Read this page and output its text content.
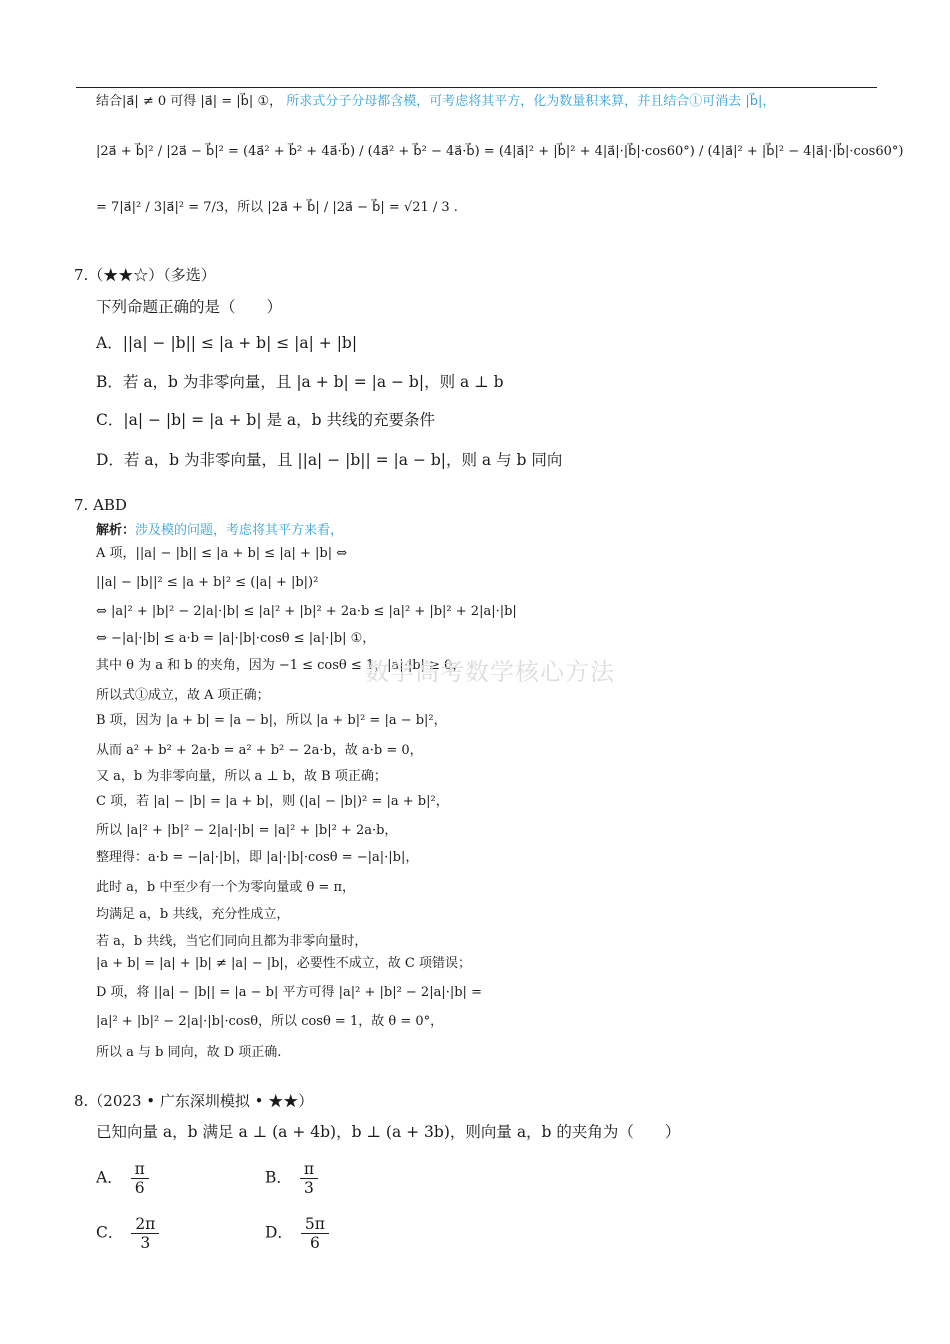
结合|a⃗| ≠ 0 可得 |a⃗| = |b⃗| ①， 所求式分子分母都含模，可考虑将其平方，化为数量积来算，并且结合①可消去 |b⃗|，
|2a⃗ + b⃗|² / |2a⃗ − b⃗|² = (4a⃗² + b⃗² + 4a⃗·b⃗) / (4a⃗² + b⃗² − 4a⃗·b⃗) = (4|a⃗|² + |b⃗|² + 4|a⃗|·|b⃗|·cos60°) / (4|a⃗|² + |b⃗|² − 4|a⃗|·|b⃗|·cos60°)
= 7|a⃗|² / 3|a⃗|² = 7/3，所以 |2a⃗ + b⃗| / |2a⃗ − b⃗| = √21 / 3 .
7.（★★☆）（多选）
下列命题正确的是（　　）
A．||a| − |b|| ≤ |a + b| ≤ |a| + |b|
B．若 a，b 为非零向量，且 |a + b| = |a − b|，则 a ⊥ b
C．|a| − |b| = |a + b| 是 a，b 共线的充要条件
D．若 a，b 为非零向量，且 ||a| − |b|| = |a − b|，则 a 与 b 同向
7. ABD
解析：涉及模的问题，考虑将其平方来看，
A 项，||a| − |b|| ≤ |a + b| ≤ |a| + |b| ⇔
||a| − |b||² ≤ |a + b|² ≤ (|a| + |b|)²
⇔ |a|² + |b|² − 2|a|·|b| ≤ |a|² + |b|² + 2a·b ≤ |a|² + |b|² + 2|a|·|b|
⇔ −|a|·|b| ≤ a·b = |a|·|b|·cosθ ≤ |a|·|b| ①，
其中 θ 为 a 和 b 的夹角，因为 −1 ≤ cosθ ≤ 1，|a|·|b| ≥ 0，
所以式①成立，故 A 项正确；
B 项，因为 |a + b| = |a − b|，所以 |a + b|² = |a − b|²，
从而 a² + b² + 2a·b = a² + b² − 2a·b，故 a·b = 0，
又 a，b 为非零向量，所以 a ⊥ b，故 B 项正确；
C 项，若 |a| − |b| = |a + b|，则 (|a| − |b|)² = |a + b|²，
所以 |a|² + |b|² − 2|a|·|b| = |a|² + |b|² + 2a·b，
整理得：a·b = −|a|·|b|，即 |a|·|b|·cosθ = −|a|·|b|，
此时 a，b 中至少有一个为零向量或 θ = π，
均满足 a，b 共线，充分性成立，
若 a，b 共线，当它们同向且都为非零向量时，
|a + b| = |a| + |b| ≠ |a| − |b|，必要性不成立，故 C 项错误；
D 项，将 ||a| − |b|| = |a − b| 平方可得 |a|² + |b|² − 2|a|·|b| =
|a|² + |b|² − 2|a|·|b|·cosθ，所以 cosθ = 1，故 θ = 0°，
所以 a 与 b 同向，故 D 项正确.
数学高考数学核心方法
8.（2023 • 广东深圳模拟 • ★★）
已知向量 a，b 满足 a ⊥ (a + 4b)，b ⊥ (a + 3b)，则向量 a，b 的夹角为（　　）
A． $\frac{\pi}{6}$	B． $\frac{\pi}{3}$
C． $\frac{2\pi}{3}$	D． $\frac{5\pi}{6}$
